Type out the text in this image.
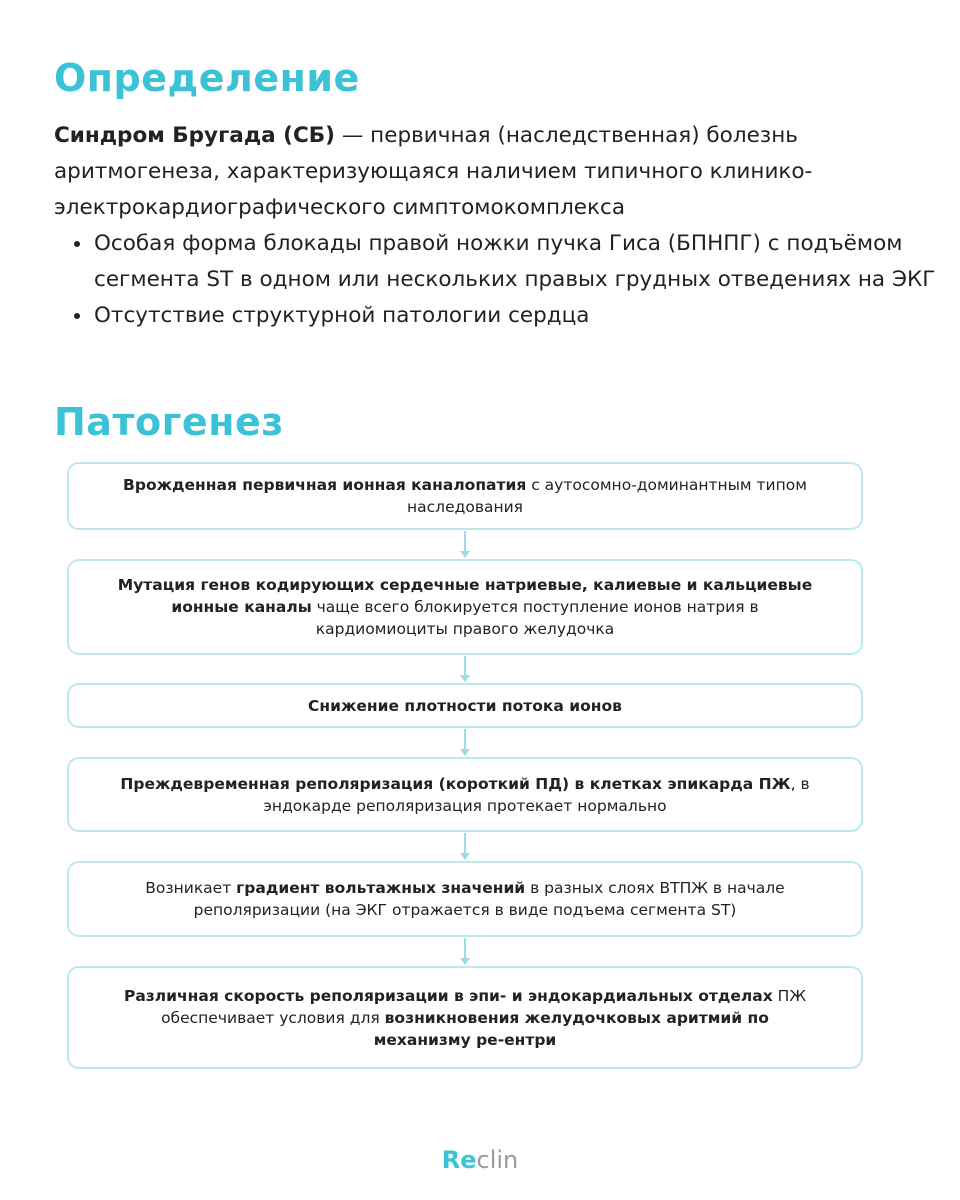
Определение

Синдром Бругада (СБ) — первичная (наследственная) болезнь аритмогенеза, характеризующаяся наличием типичного клинико-электрокардиографического симптомокомплекса

Особая форма блокады правой ножки пучка Гиса (БПНПГ) с подъёмом сегмента ST в одном или нескольких правых грудных отведениях на ЭКГ
Отсутствие структурной патологии сердца
Патогенез
Врожденная первичная ионная каналопатия с аутосомно-доминантным типом наследования
Мутация генов кодирующих сердечные натриевые, калиевые и кальциевые ионные каналы чаще всего блокируется поступление ионов натрия в кардиомиоциты правого желудочка
Снижение плотности потока ионов
Преждевременная реполяризация (короткий ПД) в клетках эпикарда ПЖ, в эндокарде реполяризация протекает нормально
Возникает градиент вольтажных значений в разных слоях ВТПЖ в начале реполяризации (на ЭКГ отражается в виде подъема сегмента ST)
Различная скорость реполяризации в эпи- и эндокардиальных отделах ПЖ обеспечивает условия для возникновения желудочковых аритмий по механизму ре-ентри
Reclin
